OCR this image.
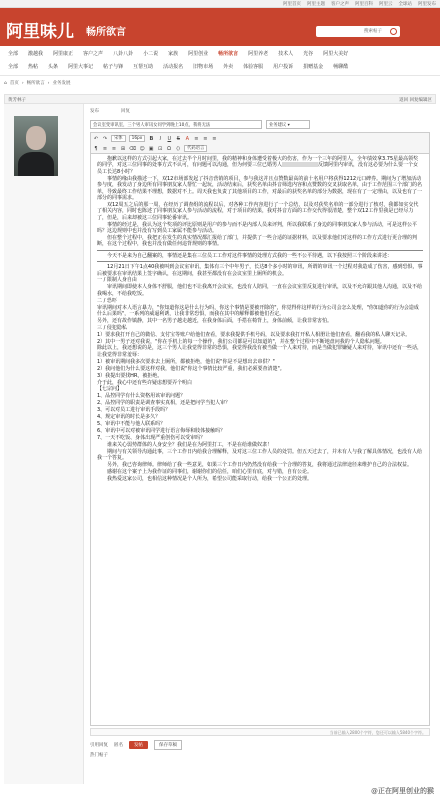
阿里首页 阿里主题 客户之声 阿里百科 阿里云 全球站 阿里发布
阿里味儿 畅所欲言	搜索帖子
全部 激越我 阿里康正 客户之声 八卦八卦 小二说 家族 阿里创业 畅所欲言 阿里养老 技术人 光谷 阿里大美好
全部 热帖 头条 阿里大事记 帖子与锋 互帮互助 活动报名 旧物市场 外卖 体验客服 用户投诉 捐赠基金 畅聊酷
⌂ 首页 › 畅所欲言 › 业务发展
黄芳林子	返回 回复编辑区
发布	回复
会议室变审讯室，三个男人审讯女同学到晚上10点，我将无法	业务建议 ▾
↶ ↷	宋体	16px	B	I	U S A ≡ ≡ ≡
¶ ≡ ≡ ⊞ ⌫ ☺ ▣ ⊡ Ω ⟨⟩	代码语言

抱歉以这样的方式引起大家，在过去半个月时间里，我的精神和身体遭受着极大的伤害，作为一个三年的阿里人，全年绩效拿3.75星最高领奖的同学，对这三位同事的处事方式不认可，有问题可以沟通，但为何要三位已婚男人	反馈阿里内审讯，没有这必要为什么要一个女员工长达8小时？

事情的缘由我描述一下，双12市场部发起了抖音营销的项目，参与我这并且点赞数最高的前十名用户将获得1212元口碑券。期间为了增加活动参与度，我发动了身边所有同事朋友家人帮忙一起玩，活动结束后，获奖名单由抖音筛选内容和点赞数的交叉获取名单，由于工作范围三个部门的名单，导致最终工作结果不理想，数据对不上。周天我也负责了其他项目的工作，对最后的获奖名单的部分为数据，现在有了一定理由，以及也有了一部分的同事需求。

双12周五之后的那一周，在经历了调查组的流程以后，对各种工作内容进行了一个总结，以及对获奖名单的一部分进行了核对，我都如实交代了相关内容，同时也陈述了同事朋友家人参与活动的流程，对于项目的结果，我对抖音方面的工作交代得很清楚，整个双12工作里我是已经尽力了，但是，后来却被这三位同事轮番审讯。

事情的经过是，我认为这个奖项的评比原则是用户的参与而不是内部人员来评判，所以我联系了身边的同事朋友家人参与活动，可是这样公平吗？这边规则中也并没有写到员工家属不能参与活动。

但在整个过程中，我把正在发生的真实情况都汇报给了部门，并提供了一些合适的证据材料，以及要求他们对这样的工作方式进行更合理的判断，在这个过程中，我也并没有做任何违背规则的事情。

今天不是来为自己翻案的，事情还是集在三位员工工作对这件事情的处理方式我的一些不公平待遇，以下我按照三个阶段来讲述：

12月21日下午1点40我被叫到会议室审讯，集体有三个中年男子，长达8个多小时的审讯，所谓的审讯一个过程对我造成了伤害，感到恐惧，事后被要求在审讯结果上签字确认，在这期间，我甚至都没有在会议室里上厕所的机会。

一 / 限制人身自由

审讯期间即使本人身体不舒服，他们也不让我离开会议室，也没有人陪同，一直在会议室里反复进行审讯，以及不允许跟其他人沟通，以及不给我喝水，不给我吃饭。

二 / 恐吓

审讯期间对本人语言暴力，"你知道你这是什么行为吗，你这个事情是要被开除的"，你觉得你这样的行为公司会怎么处理，"你知道你的行为会造成什么后果吗"，一系列的威逼利诱，让我非常恐惧，而我在其中的解释都被他们否定。

另外，还有故作镇静，其中一名男子越走越近，在我身体后面，手搭在椅背上，身体前倾，让我非常害怕。

三 / 侵犯隐私

1）要求我打开自己的微信、支付宝等账户给他们查看，要求我提供手机号码，以及要求我打开私人相册让他们查看，翻看我的私人聊天记录。

2）其中一男子还对我说，"你在手机上的每一个操作，我们公司都是可以知道的"，并在整个过程中不断地盘问我的个人隐私问题。

除此以上，我还想说的是，这三个男人让我觉得非常的恐惧，我觉得我没有被当做一个人来对待，而是当做犯罪嫌疑人来对待，审讯中还有一些话，让我觉得非常羞辱：

1）被审讯期间我多次要求去上厕所，都被拒绝，他们说"你是不是想出去串供？"

2）我问他们为什么要这样对我，他们说"你这个事情比较严重，我们必须要查清楚"。

3）我提出要找HR，被拒绝。

介于此，我心中还有些许疑虑想要弄个明白

【七宗问】

1、品控同学有什么资格用该审讯问题？

2、品控同学的职责是调查事实真相，还是把问学当犯人审？

3、可以对员工进行审讯手段吗？

4、规定审讯的时长是多久？

5、审讯中不能与他人联系吗？

6、审讯中可以对被审讯同学进行语言侮辱和肢体接触吗？

7、一天不吃饭、身体出现严重创伤可以受审吗？

谁来关心弱势群体的人身安全？我们是在为阿里打工，不是在给谁做奴隶！

期间与有关领导沟通此事，三个工作日内给我合理解释，及对这三位工作人员的处罚。但五天过去了，并未有人与我了解具体情况，也没有人给我一个答复。

另外，我已咨询律师。律师给了我一些意见，如果三个工作日内仍然没有给我一个合理的答复，我将通过法律途径来维护自己的合法权益。

感谢在这个案子上为我作证的同事们，谢谢你们的信任，咱们心里有底，对与错，自有公论。

我热爱这家公司，也相信这种情况是个人所为，希望公司能采取行动，给我一个公正的处理。

当前已输入2800个字符，您还可以输入5840个字符。
引用回复 匿名	发帖	保存草稿
热门帖子
@正在阿里创业的猴
